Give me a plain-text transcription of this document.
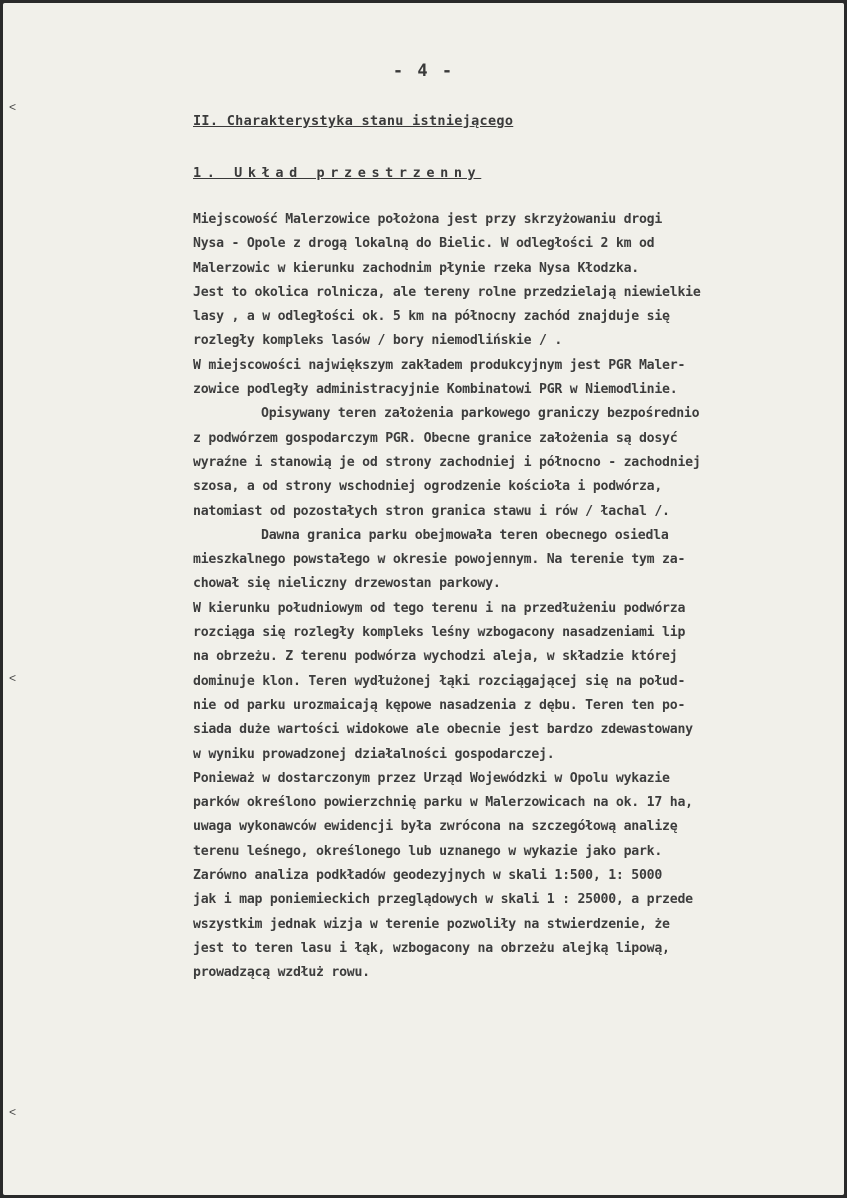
˂
˂
˂
- 4 -
II. Charakterystyka stanu istniejącego
1. Układ przestrzenny
Miejscowość Malerzowice położona jest przy skrzyżowaniu drogi
Nysa - Opole z drogą lokalną do Bielic. W odległości 2 km od
Malerzowic w kierunku zachodnim płynie rzeka Nysa Kłodzka.
Jest to okolica rolnicza, ale tereny rolne przedzielają niewielkie
lasy , a w odległości ok. 5 km na północny zachód znajduje się
rozległy kompleks lasów / bory niemodlińskie / .
W miejscowości największym zakładem produkcyjnym jest PGR Maler-
zowice podległy administracyjnie Kombinatowi PGR w Niemodlinie.
Opisywany teren założenia parkowego graniczy bezpośrednio
z podwórzem gospodarczym PGR. Obecne granice założenia są dosyć
wyraźne i stanowią je od strony zachodniej i północno - zachodniej
szosa, a od strony wschodniej ogrodzenie kościoła i podwórza,
natomiast od pozostałych stron granica stawu i rów / łachal /.
Dawna granica parku obejmowała teren obecnego osiedla
mieszkalnego powstałego w okresie powojennym. Na terenie tym za-
chował się nieliczny drzewostan parkowy.
W kierunku południowym od tego terenu i na przedłużeniu podwórza
rozciąga się rozległy kompleks leśny wzbogacony nasadzeniami lip
na obrzeżu. Z terenu podwórza wychodzi aleja, w składzie której
dominuje klon. Teren wydłużonej łąki rozciągającej się na połud-
nie od parku urozmaicają kępowe nasadzenia z dębu. Teren ten po-
siada duże wartości widokowe ale obecnie jest bardzo zdewastowany
w wyniku prowadzonej działalności gospodarczej.
Ponieważ w dostarczonym przez Urząd Wojewódzki w Opolu wykazie
parków określono powierzchnię parku w Malerzowicach na ok. 17 ha,
uwaga wykonawców ewidencji była zwrócona na szczegółową analizę
terenu leśnego, określonego lub uznanego w wykazie jako park.
Zarówno analiza podkładów geodezyjnych w skali 1:500, 1: 5000
jak i map poniemieckich przeglądowych w skali 1 : 25000, a przede
wszystkim jednak wizja w terenie pozwoliły na stwierdzenie, że
jest to teren lasu i łąk, wzbogacony na obrzeżu alejką lipową,
prowadzącą wzdłuż rowu.
